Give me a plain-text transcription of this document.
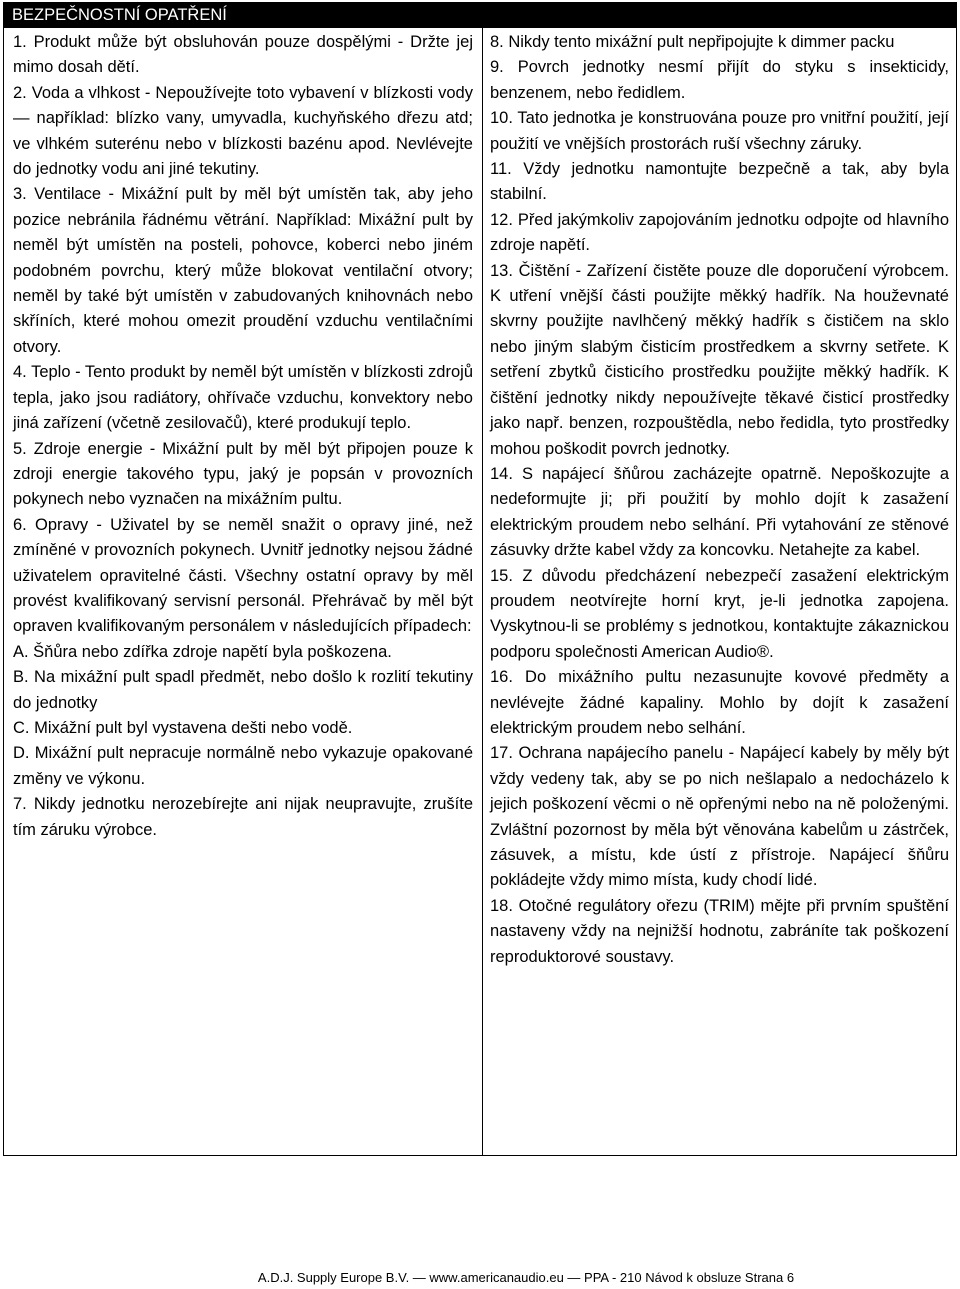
BEZPEČNOSTNÍ OPATŘENÍ

1. Produkt může být obsluhován pouze dospělými - Držte jej mimo dosah dětí.

2. Voda a vlhkost - Nepoužívejte toto vybavení v blízkosti vody ― například: blízko vany, umyvadla, kuchyňského dřezu atd; ve vlhkém suterénu nebo v blízkosti bazénu apod. Nevlévejte do jednotky vodu ani jiné tekutiny.

3. Ventilace - Mixážní pult by měl být umístěn tak, aby jeho pozice nebránila řádnému větrání. Například: Mixážní pult by neměl být umístěn na posteli, pohovce, koberci nebo jiném podobném povrchu, který může blokovat ventilační otvory; neměl by také být umístěn v zabudovaných knihovnách nebo skříních, které mohou omezit proudění vzduchu ventilačními otvory.

4. Teplo - Tento produkt by neměl být umístěn v blízkosti zdrojů tepla, jako jsou radiátory, ohřívače vzduchu, konvektory nebo jiná zařízení (včetně zesilovačů), které produkují teplo.

5. Zdroje energie - Mixážní pult by měl být připojen pouze k zdroji energie takového typu, jaký je popsán v provozních pokynech nebo vyznačen na mixážním pultu.

6. Opravy - Uživatel by se neměl snažit o opravy jiné, než zmíněné v provozních pokynech. Uvnitř jednotky nejsou žádné uživatelem opravitelné části. Všechny ostatní opravy by měl provést kvalifikovaný servisní personál. Přehrávač by měl být opraven kvalifikovaným personálem v následujících případech:

A. Šňůra nebo zdířka zdroje napětí byla poškozena.

B. Na mixážní pult spadl předmět, nebo došlo k rozlití tekutiny do jednotky

C. Mixážní pult byl vystavena dešti nebo vodě.

D. Mixážní pult nepracuje normálně nebo vykazuje opakované změny ve výkonu.

7. Nikdy jednotku nerozebírejte ani nijak neupravujte, zrušíte tím záruku výrobce.

8. Nikdy tento mixážní pult nepřipojujte k dimmer packu

9. Povrch jednotky nesmí přijít do styku s insekticidy, benzenem, nebo ředidlem.

10. Tato jednotka je konstruována pouze pro vnitřní použití, její použití ve vnějších prostorách ruší všechny záruky.

11. Vždy jednotku namontujte bezpečně a tak, aby byla stabilní.

12. Před jakýmkoliv zapojováním jednotku odpojte od hlavního zdroje napětí.

13. Čištění - Zařízení čistěte pouze dle doporučení výrobcem. K utření vnější části použijte měkký hadřík. Na houževnaté skvrny použijte navlhčený měkký hadřík s čističem na sklo nebo jiným slabým čisticím prostředkem a skvrny setřete. K setření zbytků čisticího prostředku použijte měkký hadřík. K čištění jednotky nikdy nepoužívejte těkavé čisticí prostředky jako např. benzen, rozpouštědla, nebo ředidla, tyto prostředky mohou poškodit povrch jednotky.

14. S napájecí šňůrou zacházejte opatrně. Nepoškozujte a nedeformujte ji; při použití by mohlo dojít k zasažení elektrickým proudem nebo selhání. Při vytahování ze stěnové zásuvky držte kabel vždy za koncovku. Netahejte za kabel.

15. Z důvodu předcházení nebezpečí zasažení elektrickým proudem neotvírejte horní kryt, je-li jednotka zapojena. Vyskytnou-li se problémy s jednotkou, kontaktujte zákaznickou podporu společnosti American Audio®.

16. Do mixážního pultu nezasunujte kovové předměty a nevlévejte žádné kapaliny. Mohlo by dojít k zasažení elektrickým proudem nebo selhání.

17. Ochrana napájecího panelu - Napájecí kabely by měly být vždy vedeny tak, aby se po nich nešlapalo a nedocházelo k jejich poškození věcmi o ně opřenými nebo na ně položenými. Zvláštní pozornost by měla být věnována kabelům u zástrček, zásuvek, a místu, kde ústí z přístroje. Napájecí šňůru pokládejte vždy mimo místa, kudy chodí lidé.

18. Otočné regulátory ořezu (TRIM) mějte při prvním spuštění nastaveny vždy na nejnižší hodnotu, zabráníte tak poškození reproduktorové soustavy.

A.D.J. Supply Europe B.V. — www.americanaudio.eu — PPA - 210 Návod k obsluze Strana 6
